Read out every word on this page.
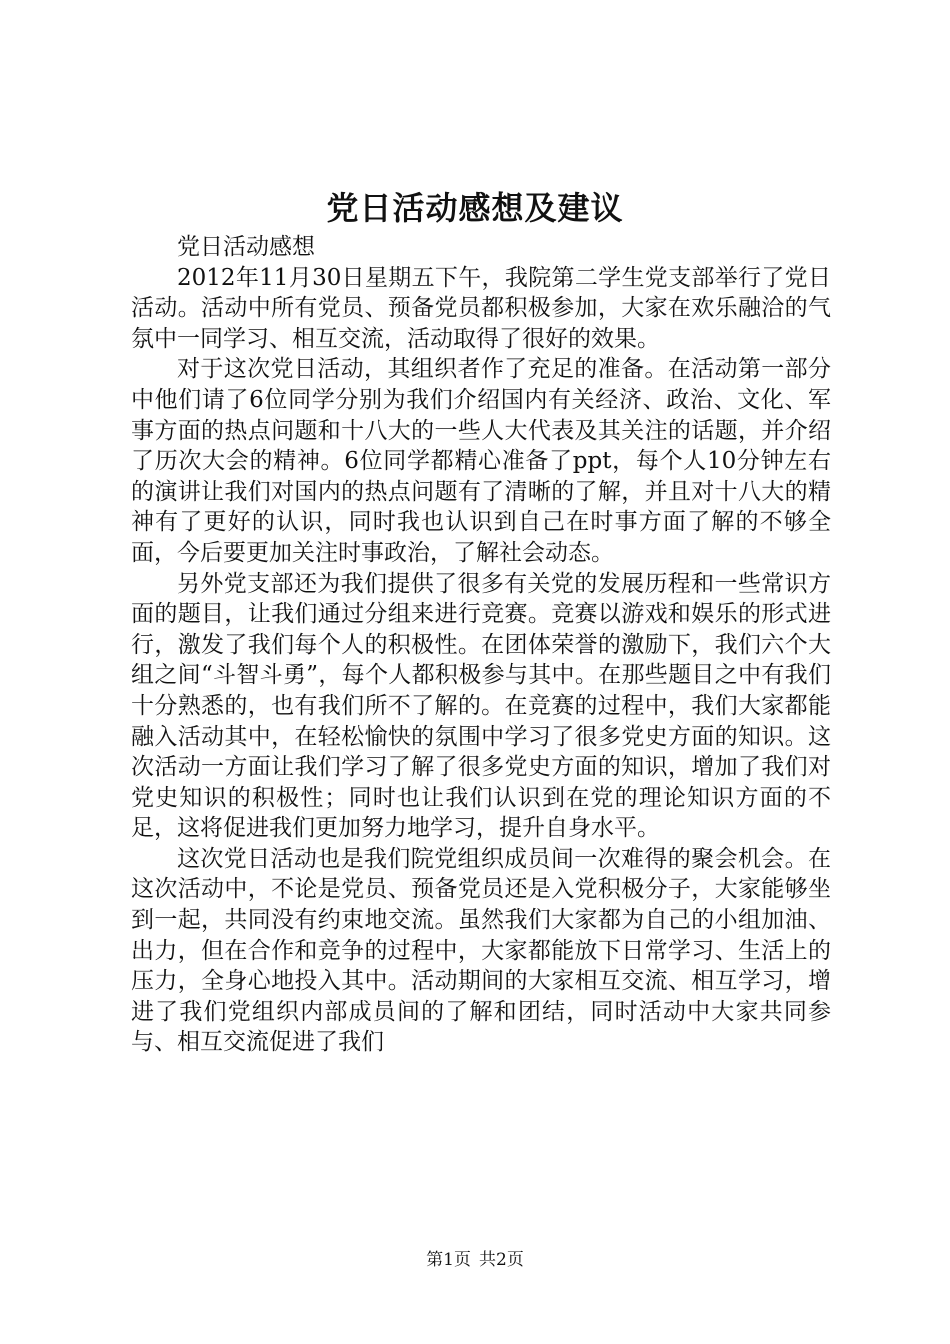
党日活动感想及建议

党日活动感想

2012年11月30日星期五下午，我院第二学生党支部举行了党日活动。活动中所有党员、预备党员都积极参加，大家在欢乐融洽的气氛中一同学习、相互交流，活动取得了很好的效果。

对于这次党日活动，其组织者作了充足的准备。在活动第一部分中他们请了6位同学分别为我们介绍国内有关经济、政治、文化、军事方面的热点问题和十八大的一些人大代表及其关注的话题，并介绍了历次大会的精神。6位同学都精心准备了ppt，每个人10分钟左右的演讲让我们对国内的热点问题有了清晰的了解，并且对十八大的精神有了更好的认识，同时我也认识到自己在时事方面了解的不够全面，今后要更加关注时事政治，了解社会动态。

另外党支部还为我们提供了很多有关党的发展历程和一些常识方面的题目，让我们通过分组来进行竞赛。竞赛以游戏和娱乐的形式进行，激发了我们每个人的积极性。在团体荣誉的激励下，我们六个大组之间“斗智斗勇”，每个人都积极参与其中。在那些题目之中有我们十分熟悉的，也有我们所不了解的。在竞赛的过程中，我们大家都能融入活动其中，在轻松愉快的氛围中学习了很多党史方面的知识。这次活动一方面让我们学习了解了很多党史方面的知识，增加了我们对党史知识的积极性；同时也让我们认识到在党的理论知识方面的不足，这将促进我们更加努力地学习，提升自身水平。

这次党日活动也是我们院党组织成员间一次难得的聚会机会。在这次活动中，不论是党员、预备党员还是入党积极分子，大家能够坐到一起，共同没有约束地交流。虽然我们大家都为自己的小组加油、出力，但在合作和竞争的过程中，大家都能放下日常学习、生活上的压力，全身心地投入其中。活动期间的大家相互交流、相互学习，增进了我们党组织内部成员间的了解和团结，同时活动中大家共同参与、相互交流促进了我们

第1页 共2页
